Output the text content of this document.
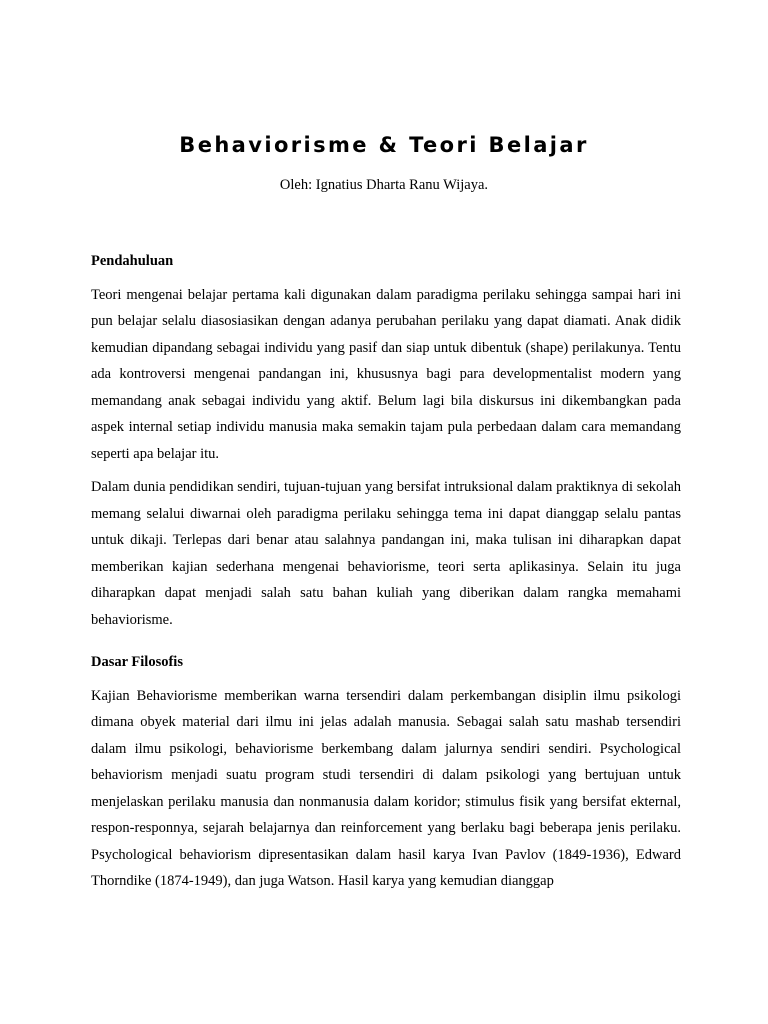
Behaviorisme & Teori Belajar

Oleh: Ignatius Dharta Ranu Wijaya.

Pendahuluan

Teori mengenai belajar pertama kali digunakan dalam paradigma perilaku sehingga sampai hari ini pun belajar selalu diasosiasikan dengan adanya perubahan perilaku yang dapat diamati. Anak didik kemudian dipandang sebagai individu yang pasif dan siap untuk dibentuk (shape) perilakunya. Tentu ada kontroversi mengenai pandangan ini, khususnya bagi para developmentalist modern yang memandang anak sebagai individu yang aktif. Belum lagi bila diskursus ini dikembangkan pada aspek internal setiap individu manusia maka semakin tajam pula perbedaan dalam cara memandang seperti apa belajar itu.

Dalam dunia pendidikan sendiri, tujuan-tujuan yang bersifat intruksional dalam praktiknya di sekolah memang selalui diwarnai oleh paradigma perilaku sehingga tema ini dapat dianggap selalu pantas untuk dikaji. Terlepas dari benar atau salahnya pandangan ini, maka tulisan ini diharapkan dapat memberikan kajian sederhana mengenai behaviorisme, teori serta aplikasinya. Selain itu juga diharapkan dapat menjadi salah satu bahan kuliah yang diberikan dalam rangka memahami behaviorisme.

Dasar Filosofis

Kajian Behaviorisme memberikan warna tersendiri dalam perkembangan disiplin ilmu psikologi dimana obyek material dari ilmu ini jelas adalah manusia. Sebagai salah satu mashab tersendiri dalam ilmu psikologi, behaviorisme berkembang dalam jalurnya sendiri sendiri. Psychological behaviorism menjadi suatu program studi tersendiri di dalam psikologi yang bertujuan untuk menjelaskan perilaku manusia dan nonmanusia dalam koridor; stimulus fisik yang bersifat ekternal, respon-responnya, sejarah belajarnya dan reinforcement yang berlaku bagi beberapa jenis perilaku. Psychological behaviorism dipresentasikan dalam hasil karya Ivan Pavlov (1849-1936), Edward Thorndike (1874-1949), dan juga Watson. Hasil karya yang kemudian dianggap
